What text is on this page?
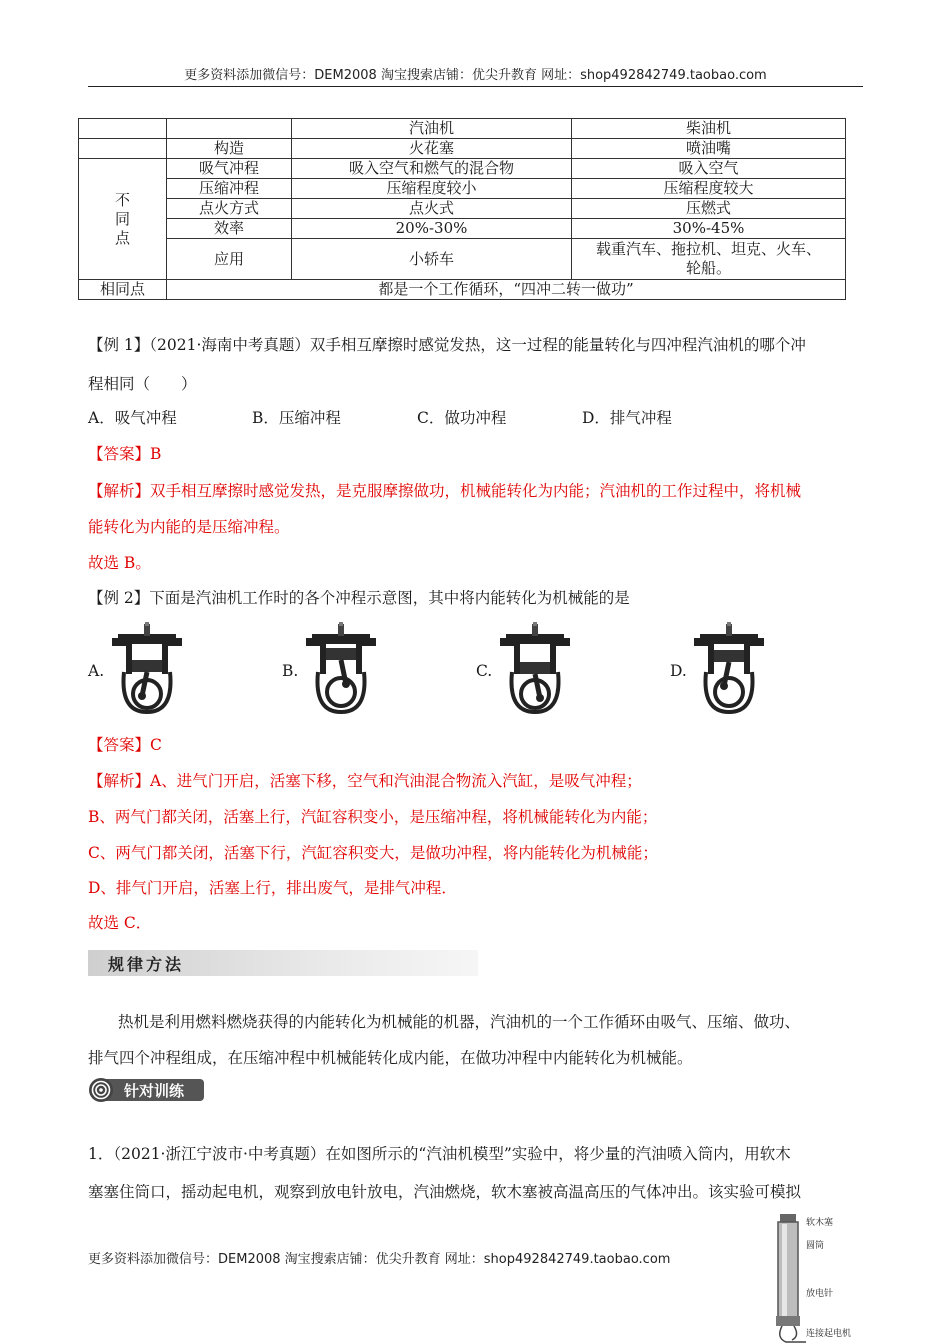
更多资料添加微信号：DEM2008 淘宝搜索店铺：优尖升教育 网址：shop492842749.taobao.com
		汽油机	柴油机
	构造	火花塞	喷油嘴
不
同
点	吸气冲程	吸入空气和燃气的混合物	吸入空气
	压缩冲程	压缩程度较小	压缩程度较大
	点火方式	点火式	压燃式
	效率	20%-30%	30%-45%
	应用	小轿车	载重汽车、拖拉机、坦克、火车、
轮船。
相同点	都是一个工作循环，“四冲二转一做功”		
【例 1】（2021·海南中考真题）双手相互摩擦时感觉发热，这一过程的能量转化与四冲程汽油机的哪个冲
程相同（　　）
A．吸气冲程	B．压缩冲程	C．做功冲程	D．排气冲程
【答案】B
【解析】双手相互摩擦时感觉发热，是克服摩擦做功，机械能转化为内能；汽油机的工作过程中，将机械
能转化为内能的是压缩冲程。
故选 B。
【例 2】下面是汽油机工作时的各个冲程示意图，其中将内能转化为机械能的是
A.	B.	C.	D.
【答案】C
【解析】A、进气门开启，活塞下移，空气和汽油混合物流入汽缸，是吸气冲程；
B、两气门都关闭，活塞上行，汽缸容积变小，是压缩冲程，将机械能转化为内能；
C、两气门都关闭，活塞下行，汽缸容积变大，是做功冲程，将内能转化为机械能；
D、排气门开启，活塞上行，排出废气，是排气冲程．
故选 C．
规律方法
热机是利用燃料燃烧获得的内能转化为机械能的机器，汽油机的一个工作循环由吸气、压缩、做功、
排气四个冲程组成，在压缩冲程中机械能转化成内能，在做功冲程中内能转化为机械能。
针对训练
1．（2021·浙江宁波市·中考真题）在如图所示的“汽油机模型”实验中，将少量的汽油喷入筒内，用软木
塞塞住筒口，摇动起电机，观察到放电针放电，汽油燃烧，软木塞被高温高压的气体冲出。该实验可模拟
软木塞
圆筒
放电针
连接起电机
更多资料添加微信号：DEM2008 淘宝搜索店铺：优尖升教育 网址：shop492842749.taobao.com
